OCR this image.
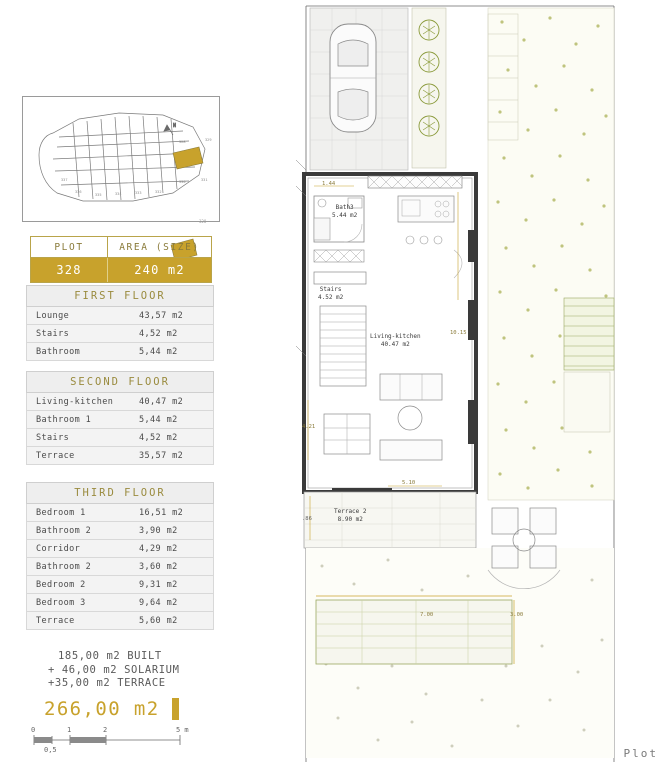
328
N
328	329
330	331
332
333
334
335
336
337
PLOT	AREA (SIZE)
328	240 m2
FIRST FLOOR
Lounge	43,57 m2
Stairs	4,52 m2
Bathroom	5,44 m2
SECOND FLOOR
Living-kitchen	40,47 m2
Bathroom 1	5,44 m2
Stairs	4,52 m2
Terrace	35,57 m2
THIRD FLOOR
Bedroom 1	16,51 m2
Bathroom 2	3,90 m2
Corridor	4,29 m2
Bathroom 2	3,60 m2
Bedroom 2	9,31 m2
Bedroom 3	9,64 m2
Terrace	5,60 m2
185,00 m2 BUILT
+ 46,00 m2 SOLARIUM
+35,00 m2 TERRACE
266,00 m2
0	1	2	5 m
0,5
Bath3
5.44 m2
Stairs
4.52 m2
Living-kitchen
40.47 m2
Terrace 2
8.90 m2
1.44
10.15
4.21
5.10
.86
7.00	3.00
Plot
